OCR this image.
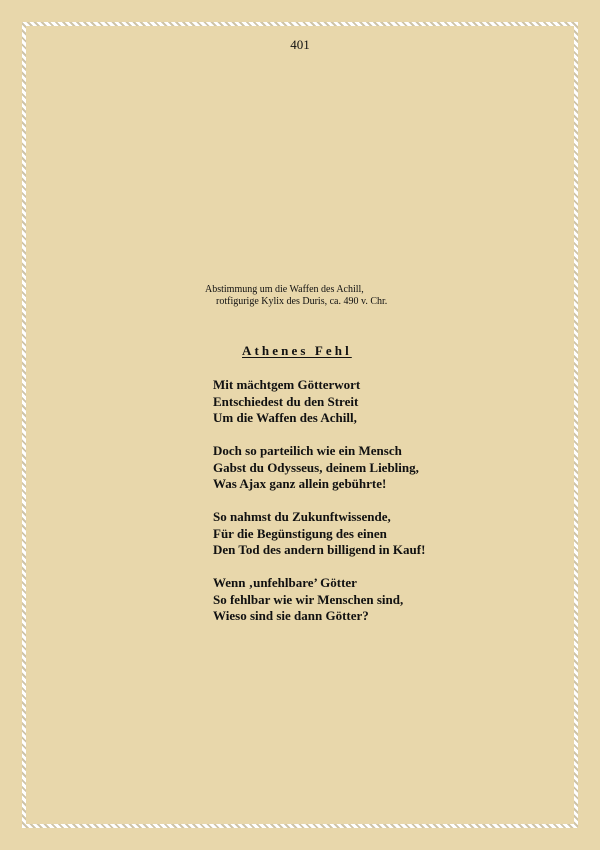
401
Abstimmung um die Waffen des Achill,
rotfigurige Kylix des Duris, ca. 490 v. Chr.
Athenes Fehl
Mit mächtgem Götterwort
Entschiedest du den Streit
Um die Waffen des Achill,
Doch so parteilich wie ein Mensch
Gabst du Odysseus, deinem Liebling,
Was Ajax ganz allein gebührte!
So nahmst du Zukunftwissende,
Für die Begünstigung des einen
Den Tod des andern billigend in Kauf!
Wenn ‚unfehlbare’ Götter
So fehlbar wie wir Menschen sind,
Wieso sind sie dann Götter?
